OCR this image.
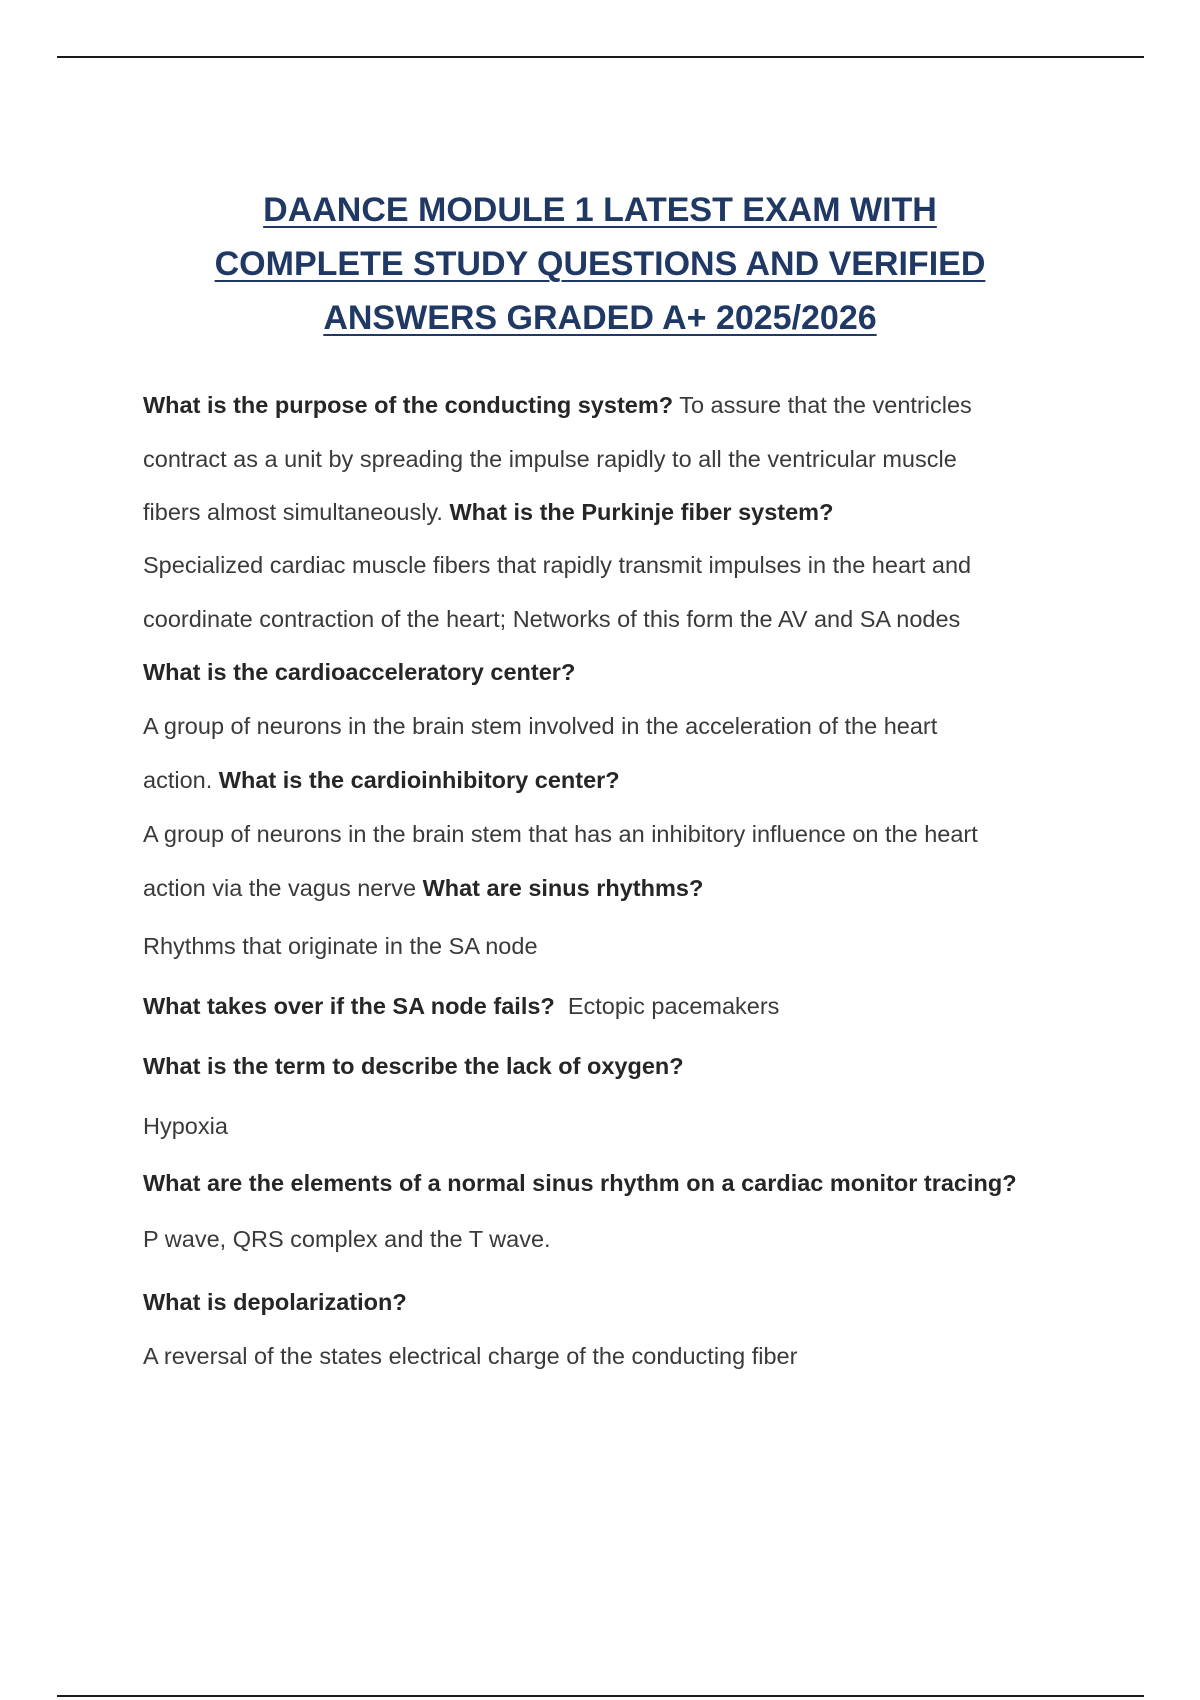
DAANCE MODULE 1 LATEST EXAM WITH
COMPLETE STUDY QUESTIONS AND VERIFIED
ANSWERS GRADED A+ 2025/2026
What is the purpose of the conducting system? To assure that the ventricles
contract as a unit by spreading the impulse rapidly to all the ventricular muscle
fibers almost simultaneously. What is the Purkinje fiber system?
Specialized cardiac muscle fibers that rapidly transmit impulses in the heart and
coordinate contraction of the heart; Networks of this form the AV and SA nodes
What is the cardioacceleratory center?
A group of neurons in the brain stem involved in the acceleration of the heart
action. What is the cardioinhibitory center?
A group of neurons in the brain stem that has an inhibitory influence on the heart
action via the vagus nerve What are sinus rhythms?
Rhythms that originate in the SA node
What takes over if the SA node fails?  Ectopic pacemakers
What is the term to describe the lack of oxygen?
Hypoxia
What are the elements of a normal sinus rhythm on a cardiac monitor tracing?
P wave, QRS complex and the T wave.
What is depolarization?
A reversal of the states electrical charge of the conducting fiber
